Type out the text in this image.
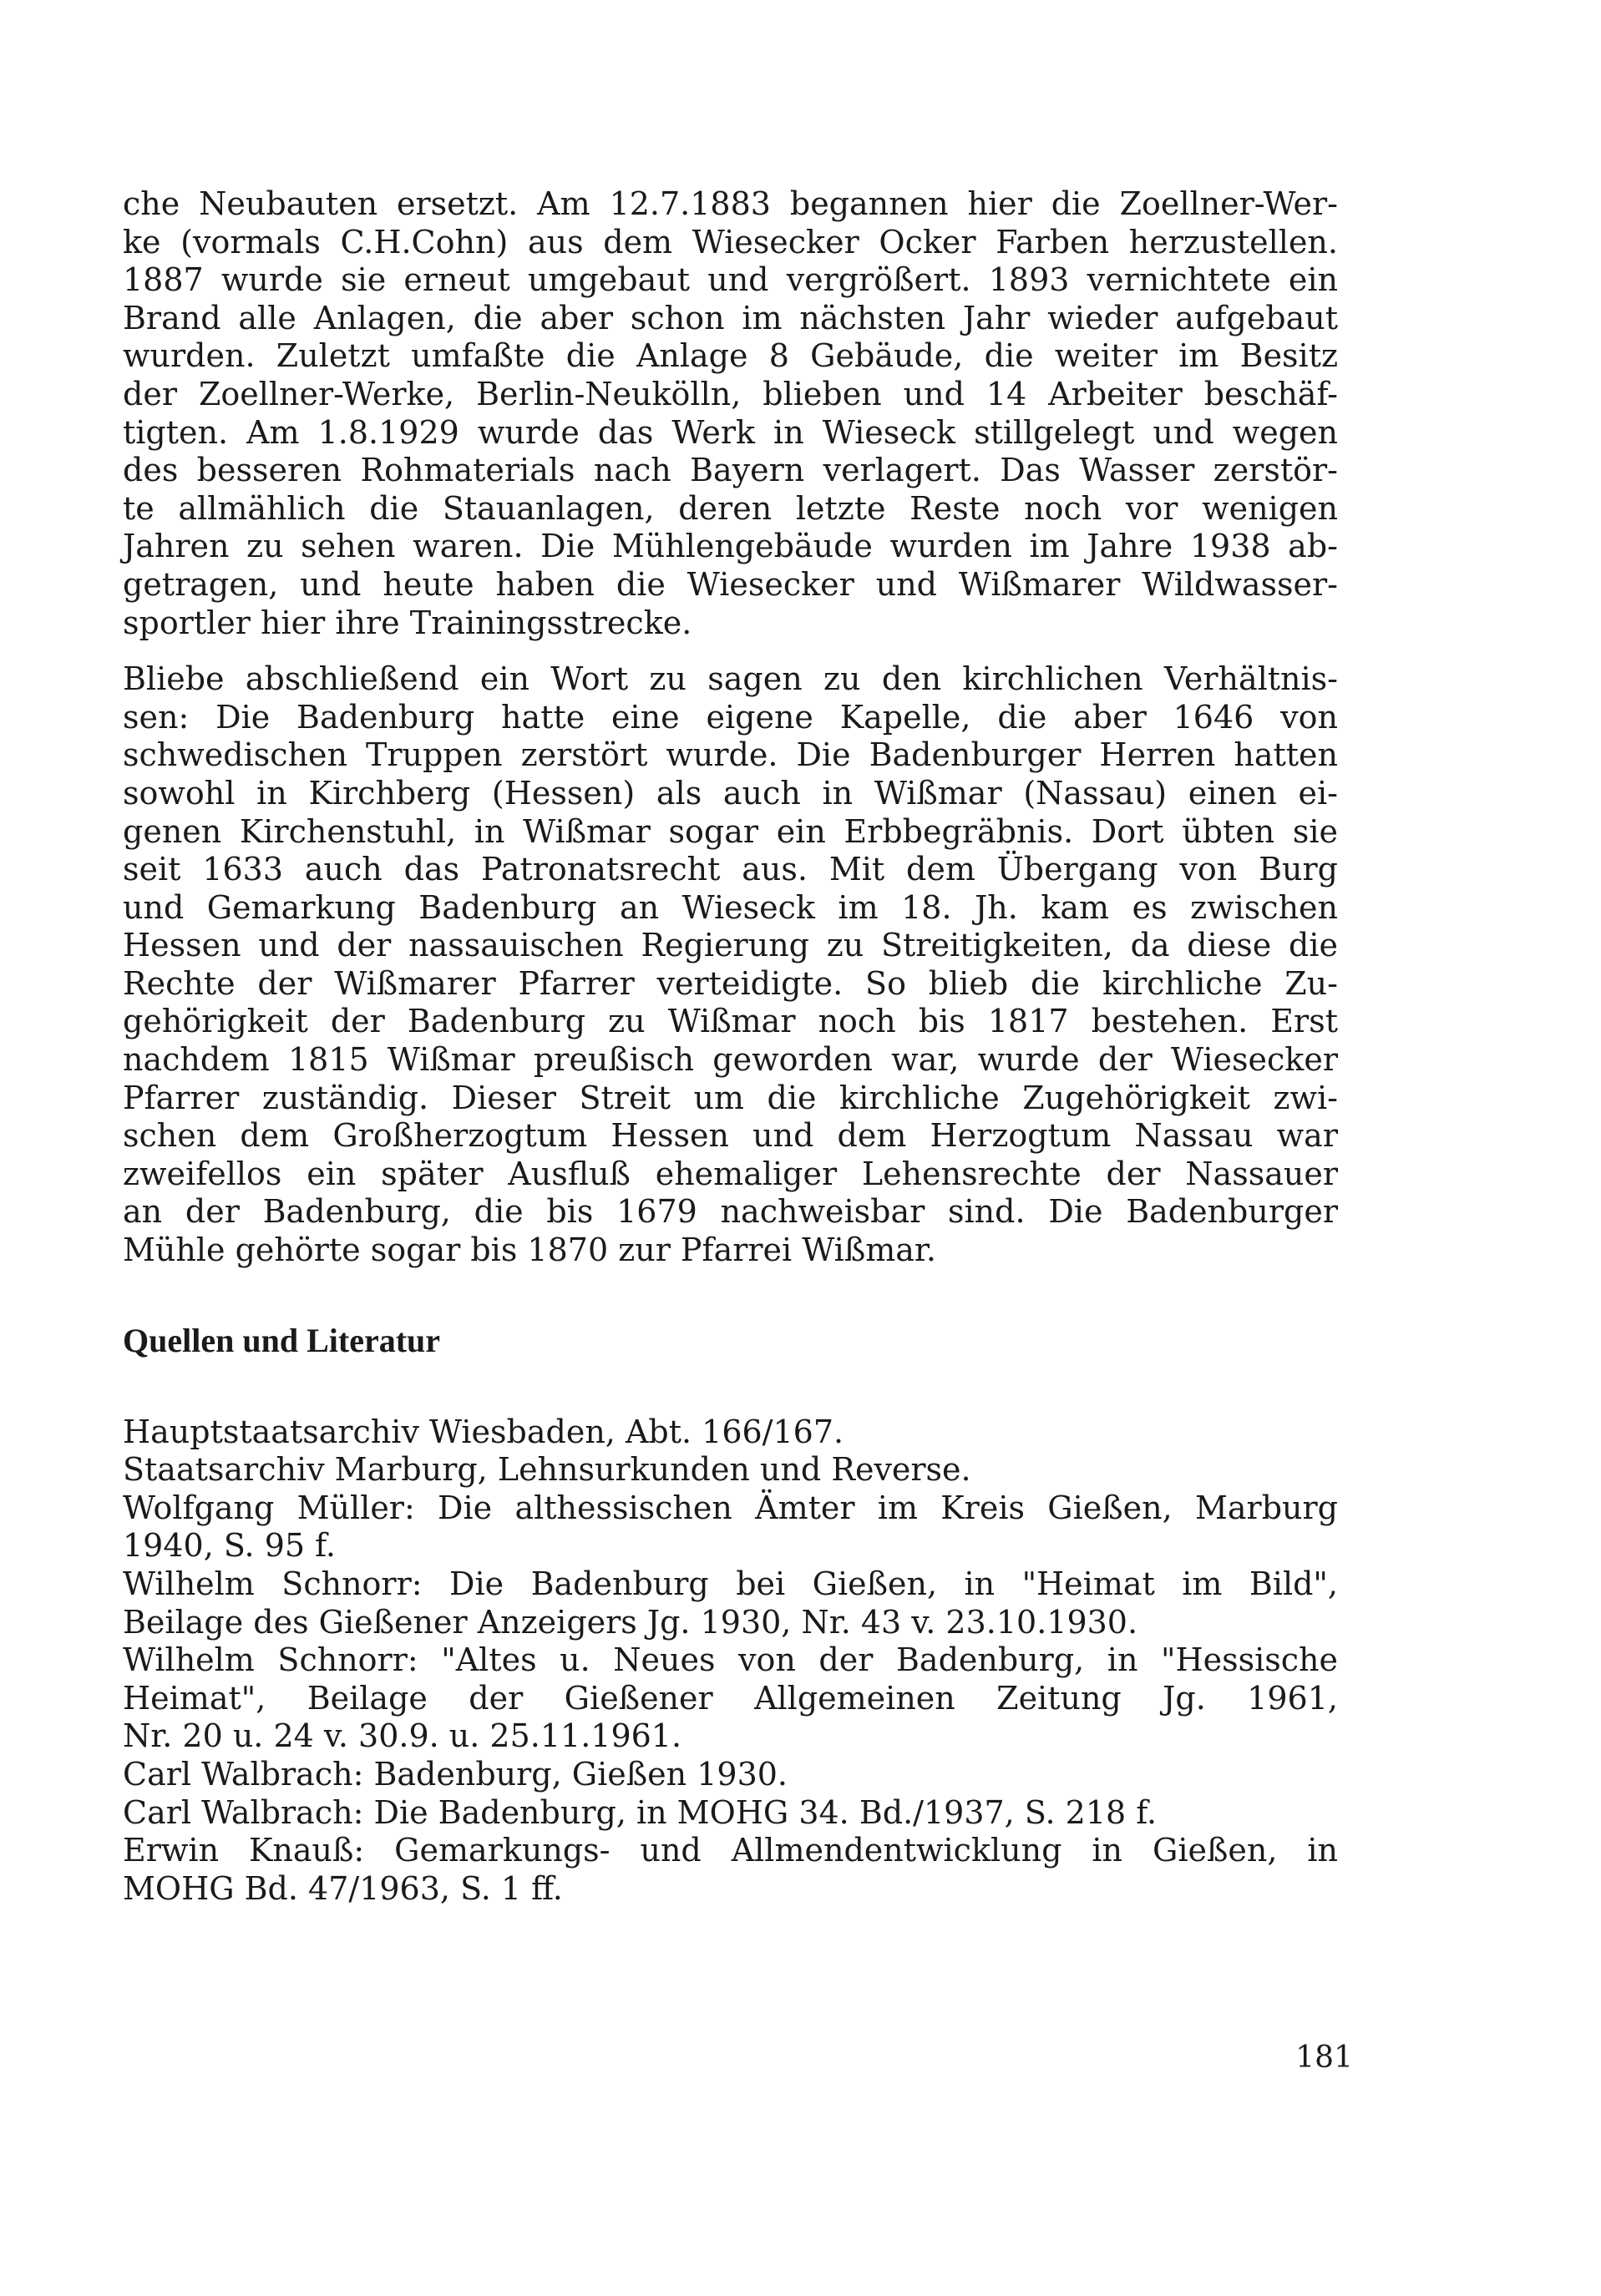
che Neubauten ersetzt. Am 12.7.1883 begannen hier die Zoellner-Wer-
ke (vormals C.H.Cohn) aus dem Wiesecker Ocker Farben herzustellen.
1887 wurde sie erneut umgebaut und vergrößert. 1893 vernichtete ein
Brand alle Anlagen, die aber schon im nächsten Jahr wieder aufgebaut
wurden. Zuletzt umfaßte die Anlage 8 Gebäude, die weiter im Besitz
der Zoellner-Werke, Berlin-Neukölln, blieben und 14 Arbeiter beschäf-
tigten. Am 1.8.1929 wurde das Werk in Wieseck stillgelegt und wegen
des besseren Rohmaterials nach Bayern verlagert. Das Wasser zerstör-
te allmählich die Stauanlagen, deren letzte Reste noch vor wenigen
Jahren zu sehen waren. Die Mühlengebäude wurden im Jahre 1938 ab-
getragen, und heute haben die Wiesecker und Wißmarer Wildwasser-
sportler hier ihre Trainingsstrecke.
Bliebe abschließend ein Wort zu sagen zu den kirchlichen Verhältnis-
sen: Die Badenburg hatte eine eigene Kapelle, die aber 1646 von
schwedischen Truppen zerstört wurde. Die Badenburger Herren hatten
sowohl in Kirchberg (Hessen) als auch in Wißmar (Nassau) einen ei-
genen Kirchenstuhl, in Wißmar sogar ein Erbbegräbnis. Dort übten sie
seit 1633 auch das Patronatsrecht aus. Mit dem Übergang von Burg
und Gemarkung Badenburg an Wieseck im 18. Jh. kam es zwischen
Hessen und der nassauischen Regierung zu Streitigkeiten, da diese die
Rechte der Wißmarer Pfarrer verteidigte. So blieb die kirchliche Zu-
gehörigkeit der Badenburg zu Wißmar noch bis 1817 bestehen. Erst
nachdem 1815 Wißmar preußisch geworden war, wurde der Wiesecker
Pfarrer zuständig. Dieser Streit um die kirchliche Zugehörigkeit zwi-
schen dem Großherzogtum Hessen und dem Herzogtum Nassau war
zweifellos ein später Ausfluß ehemaliger Lehensrechte der Nassauer
an der Badenburg, die bis 1679 nachweisbar sind. Die Badenburger
Mühle gehörte sogar bis 1870 zur Pfarrei Wißmar.
Quellen und Literatur
Hauptstaatsarchiv Wiesbaden, Abt. 166/167.
Staatsarchiv Marburg, Lehnsurkunden und Reverse.
Wolfgang Müller: Die althessischen Ämter im Kreis Gießen, Marburg
1940, S. 95 f.
Wilhelm Schnorr: Die Badenburg bei Gießen, in "Heimat im Bild",
Beilage des Gießener Anzeigers Jg. 1930, Nr. 43 v. 23.10.1930.
Wilhelm Schnorr: "Altes u. Neues von der Badenburg, in "Hessische
Heimat", Beilage der Gießener Allgemeinen Zeitung Jg. 1961,
Nr. 20 u. 24 v. 30.9. u. 25.11.1961.
Carl Walbrach: Badenburg, Gießen 1930.
Carl Walbrach: Die Badenburg, in MOHG 34. Bd./1937, S. 218 f.
Erwin Knauß: Gemarkungs- und Allmendentwicklung in Gießen, in
MOHG Bd. 47/1963, S. 1 ff.
181
